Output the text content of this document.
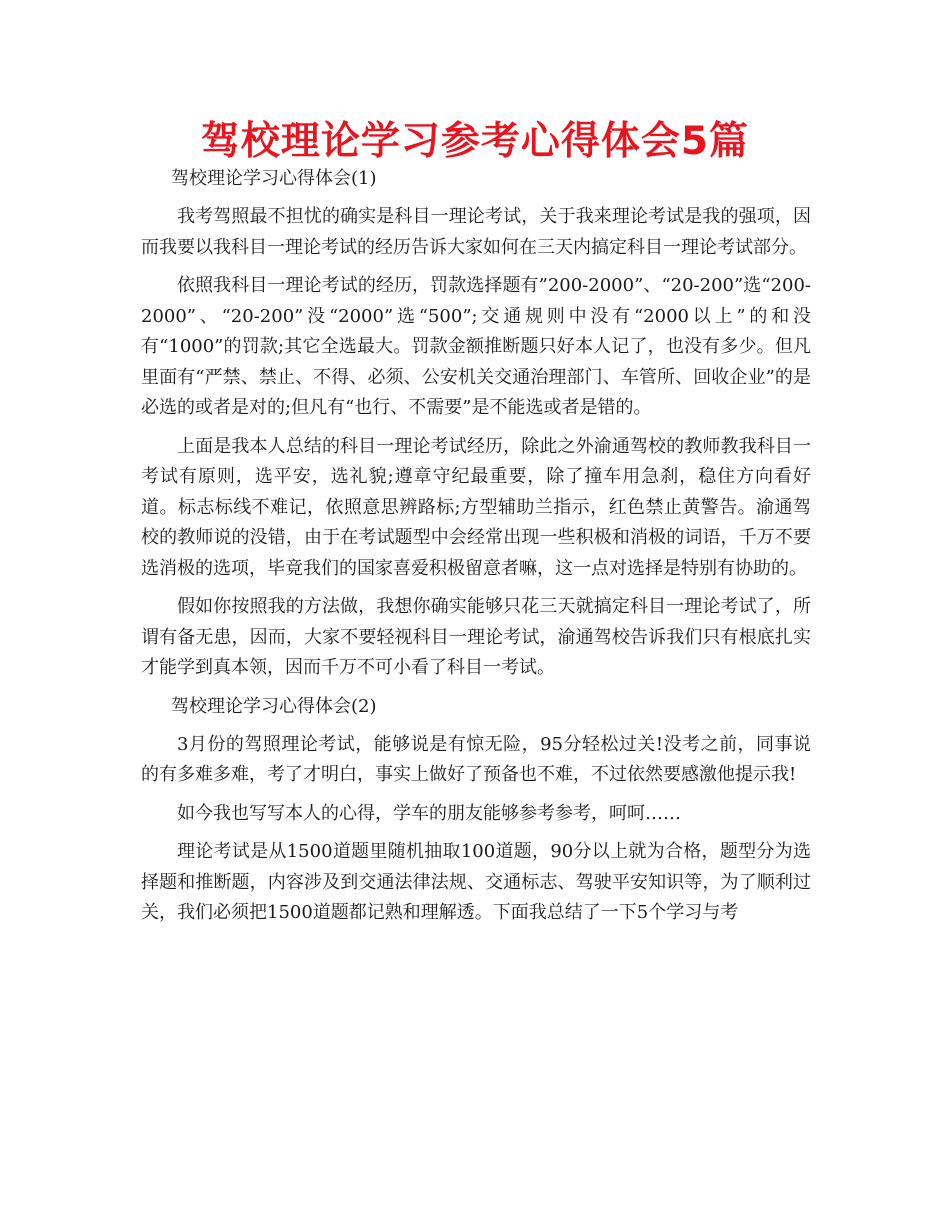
驾校理论学习参考心得体会5篇

驾校理论学习心得体会(1)

我考驾照最不担忧的确实是科目一理论考试，关于我来理论考试是我的强项，因而我要以我科目一理论考试的经历告诉大家如何在三天内搞定科目一理论考试部分。

依照我科目一理论考试的经历，罚款选择题有”200-2000”、“20-200”选“200-2000”、“20-200”没“2000”选“500”;交通规则中没有“2000以上”的和没有“1000”的罚款;其它全选最大。罚款金额推断题只好本人记了，也没有多少。但凡里面有“严禁、禁止、不得、必须、公安机关交通治理部门、车管所、回收企业”的是必选的或者是对的;但凡有“也行、不需要”是不能选或者是错的。

上面是我本人总结的科目一理论考试经历，除此之外渝通驾校的教师教我科目一考试有原则，选平安，选礼貌;遵章守纪最重要，除了撞车用急刹，稳住方向看好道。标志标线不难记，依照意思辨路标;方型辅助兰指示，红色禁止黄警告。渝通驾校的教师说的没错，由于在考试题型中会经常出现一些积极和消极的词语，千万不要选消极的选项，毕竟我们的国家喜爱积极留意者嘛，这一点对选择是特别有协助的。

假如你按照我的方法做，我想你确实能够只花三天就搞定科目一理论考试了，所谓有备无患，因而，大家不要轻视科目一理论考试，渝通驾校告诉我们只有根底扎实才能学到真本领，因而千万不可小看了科目一考试。

驾校理论学习心得体会(2)

3月份的驾照理论考试，能够说是有惊无险，95分轻松过关!没考之前，同事说的有多难多难，考了才明白，事实上做好了预备也不难，不过依然要感激他提示我!

如今我也写写本人的心得，学车的朋友能够参考参考，呵呵……

理论考试是从1500道题里随机抽取100道题，90分以上就为合格，题型分为选择题和推断题，内容涉及到交通法律法规、交通标志、驾驶平安知识等，为了顺利过关，我们必须把1500道题都记熟和理解透。下面我总结了一下5个学习与考
